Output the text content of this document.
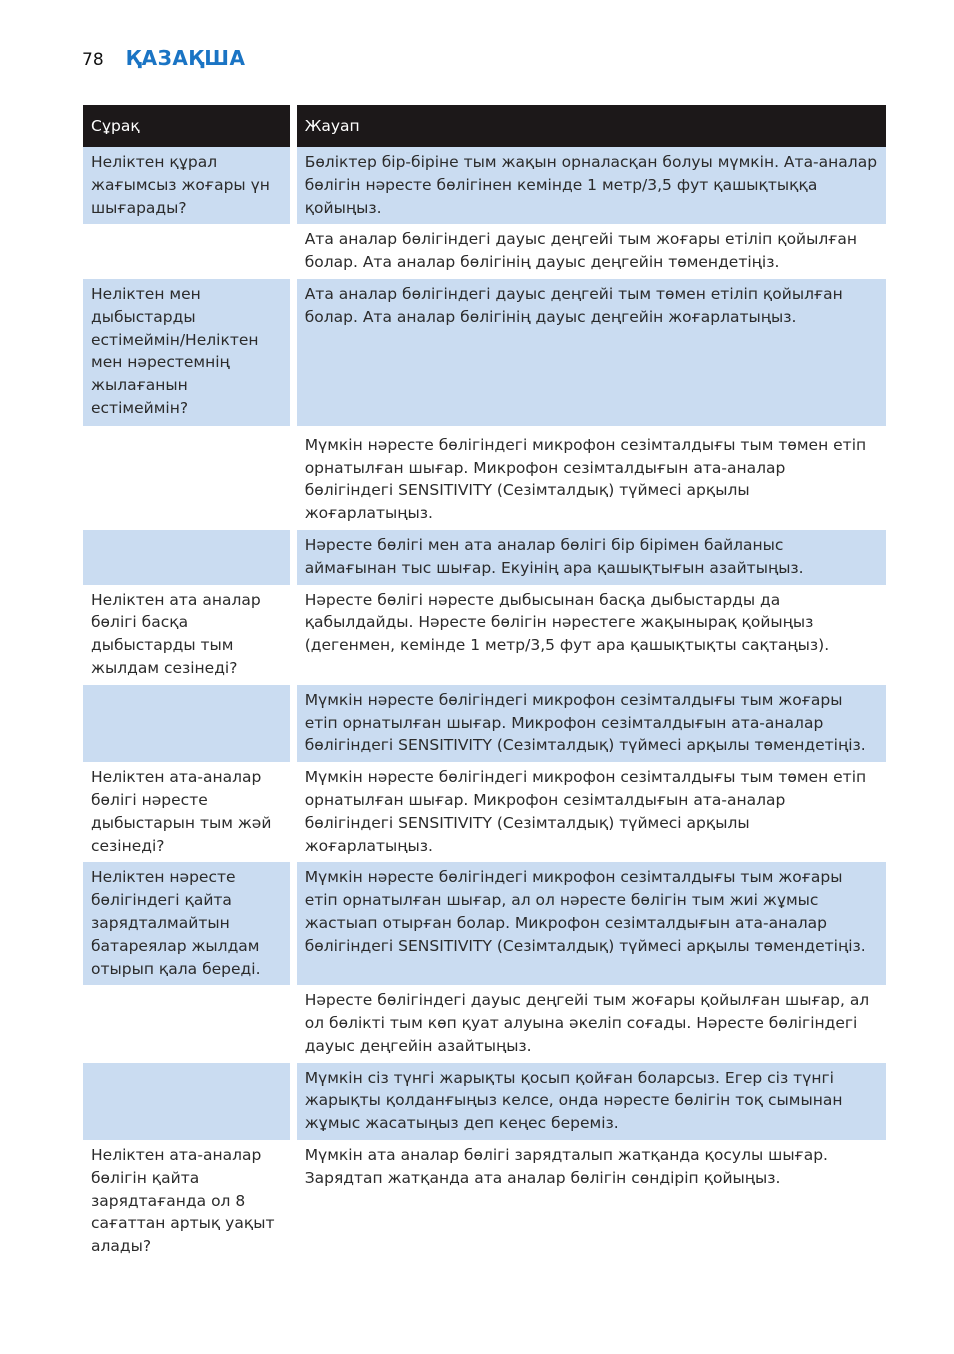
78 ҚАЗАҚША
Сұрақ	Жауап
Неліктен құрал жағымсыз жоғары үн шығарады?	Бөліктер бір-біріне тым жақын орналасқан болуы мүмкін. Ата-аналар бөлігін нәресте бөлігінен кемінде 1 метр/3,5 фут қашықтыққа қойыңыз.
	Ата аналар бөлігіндегі дауыс деңгейі тым жоғары етіліп қойылған болар. Ата аналар бөлігінің дауыс деңгейін төмендетіңіз.
Неліктен мен дыбыстарды естімеймін/Неліктен мен нәрестемнің жылағанын естімеймін?	Ата аналар бөлігіндегі дауыс деңгейі тым төмен етіліп қойылған болар. Ата аналар бөлігінің дауыс деңгейін жоғарлатыңыз.
	Мүмкін нәресте бөлігіндегі микрофон сезімталдығы тым төмен етіп орнатылған шығар. Микрофон сезімталдығын ата-аналар бөлігіндегі SENSITIVITY (Сезімталдық) түймесі арқылы жоғарлатыңыз.
	Нәресте бөлігі мен ата аналар бөлігі бір бірімен байланыс аймағынан тыс шығар. Екуінің ара қашықтығын азайтыңыз.
Неліктен ата аналар бөлігі басқа дыбыстарды тым жылдам сезінеді?	Нәресте бөлігі нәресте дыбысынан басқа дыбыстарды да қабылдайды. Нәресте бөлігін нәрестеге жақынырақ қойыңыз (дегенмен, кемінде 1 метр/3,5 фут ара қашықтықты сақтаңыз).
	Мүмкін нәресте бөлігіндегі микрофон сезімталдығы тым жоғары етіп орнатылған шығар. Микрофон сезімталдығын ата-аналар бөлігіндегі SENSITIVITY (Сезімталдық) түймесі арқылы төмендетіңіз.
Неліктен ата-аналар бөлігі нәресте дыбыстарын тым жәй сезінеді?	Мүмкін нәресте бөлігіндегі микрофон сезімталдығы тым төмен етіп орнатылған шығар. Микрофон сезімталдығын ата-аналар бөлігіндегі SENSITIVITY (Сезімталдық) түймесі арқылы жоғарлатыңыз.
Неліктен нәресте бөлігіндегі қайта зарядталмайтын батареялар жылдам отырып қала береді.	Мүмкін нәресте бөлігіндегі микрофон сезімталдығы тым жоғары етіп орнатылған шығар, ал ол нәресте бөлігін тым жиі жұмыс жастыап отырған болар. Микрофон сезімталдығын ата-аналар бөлігіндегі SENSITIVITY (Сезімталдық) түймесі арқылы төмендетіңіз.
	Нәресте бөлігіндегі дауыс деңгейі тым жоғары қойылған шығар, ал ол бөлікті тым көп қуат алуына әкеліп соғады. Нәресте бөлігіндегі дауыс деңгейін азайтыңыз.
	Мүмкін сіз түнгі жарықты қосып қойған боларсыз. Егер сіз түнгі жарықты қолданғыңыз келсе, онда нәресте бөлігін тоқ сымынан жұмыс жасатыңыз деп кеңес береміз.
Неліктен ата-аналар бөлігін қайта зарядтағанда ол 8 сағаттан артық уақыт алады?	Мүмкін ата аналар бөлігі зарядталып жатқанда қосулы шығар. Зарядтап жатқанда ата аналар бөлігін сөндіріп қойыңыз.
